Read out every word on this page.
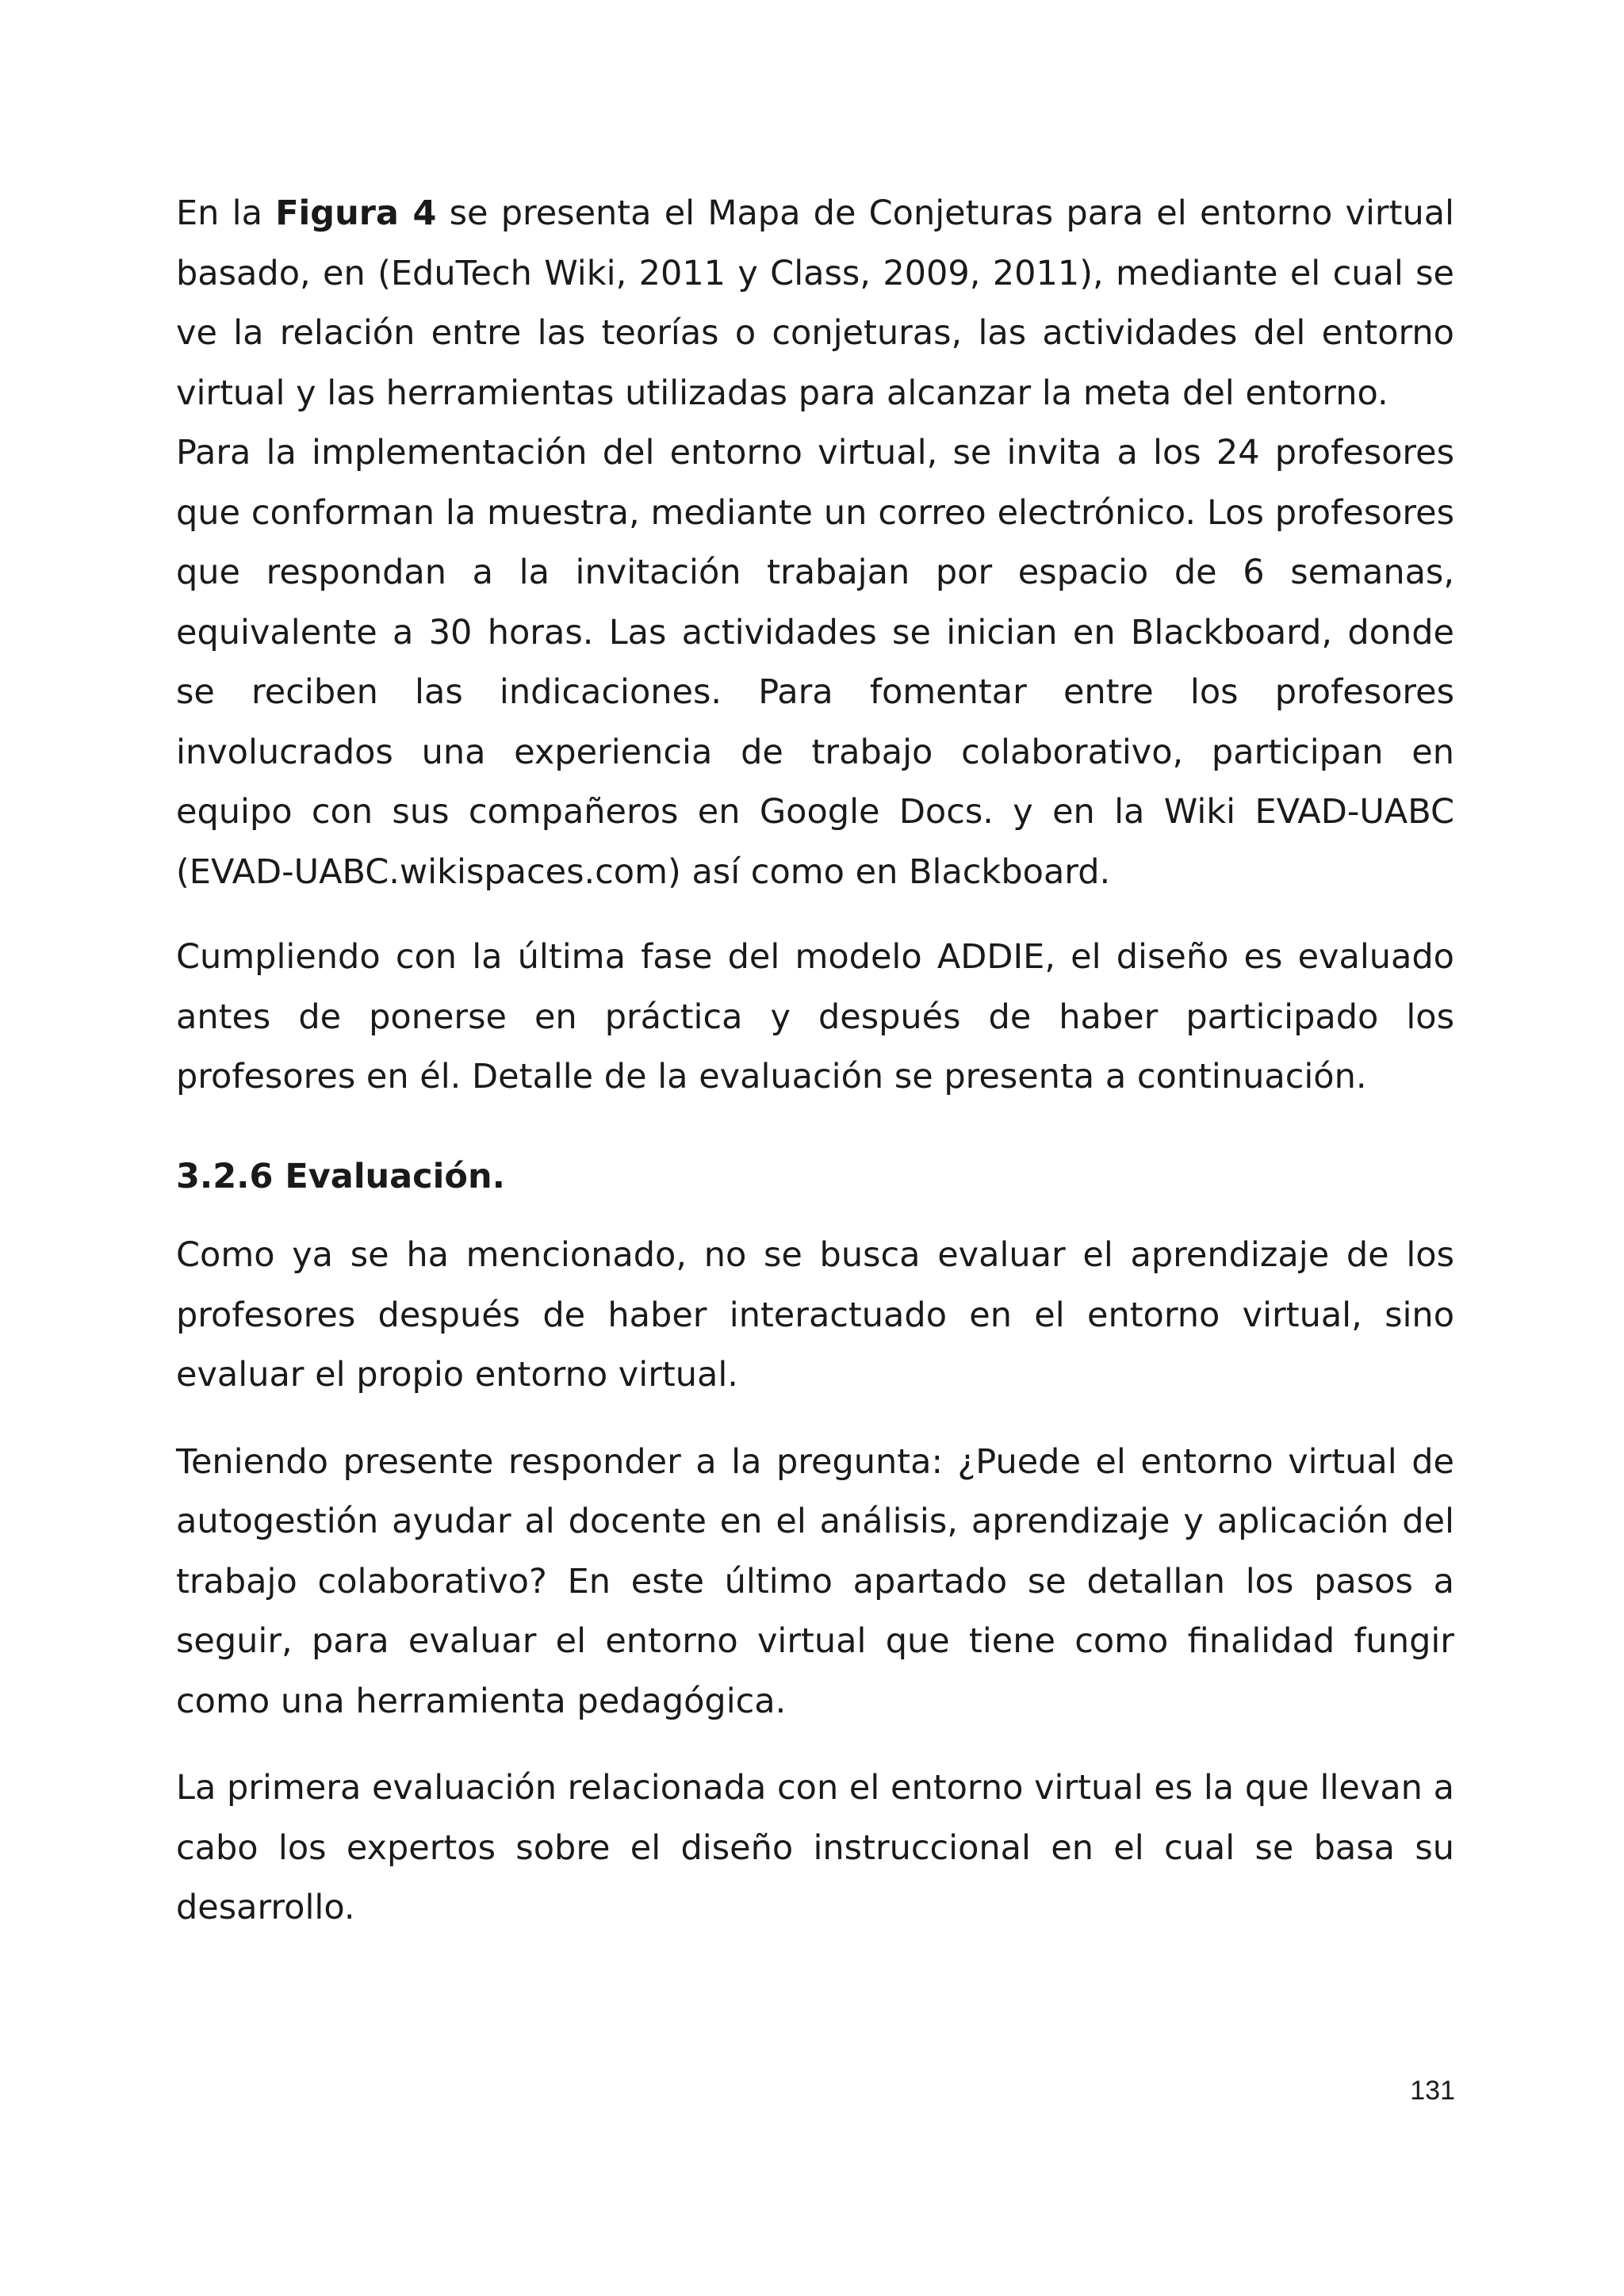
En la Figura 4 se presenta el Mapa de Conjeturas para el entorno virtual basado, en (EduTech Wiki, 2011 y Class, 2009, 2011), mediante el cual se ve la relación entre las teorías o conjeturas, las actividades del entorno virtual y las herramientas utilizadas para alcanzar la meta del entorno.

Para la implementación del entorno virtual, se invita a los 24 profesores que conforman la muestra, mediante un correo electrónico. Los profesores que respondan a la invitación trabajan por espacio de 6 semanas, equivalente a 30 horas. Las actividades se inician en Blackboard, donde se reciben las indicaciones. Para fomentar entre los profesores involucrados una experiencia de trabajo colaborativo, participan en equipo con sus compañeros en Google Docs. y en la Wiki EVAD-UABC (EVAD-UABC.wikispaces.com) así como en Blackboard.

Cumpliendo con la última fase del modelo ADDIE, el diseño es evaluado antes de ponerse en práctica y después de haber participado los profesores en él. Detalle de la evaluación se presenta a continuación.

3.2.6 Evaluación.

Como ya se ha mencionado, no se busca evaluar el aprendizaje de los profesores después de haber interactuado en el entorno virtual, sino evaluar el propio entorno virtual.

Teniendo presente responder a la pregunta: ¿Puede el entorno virtual de autogestión ayudar al docente en el análisis, aprendizaje y aplicación del trabajo colaborativo? En este último apartado se detallan los pasos a seguir, para evaluar el entorno virtual que tiene como finalidad fungir como una herramienta pedagógica.

La primera evaluación relacionada con el entorno virtual es la que llevan a cabo los expertos sobre el diseño instruccional en el cual se basa su desarrollo.

131
